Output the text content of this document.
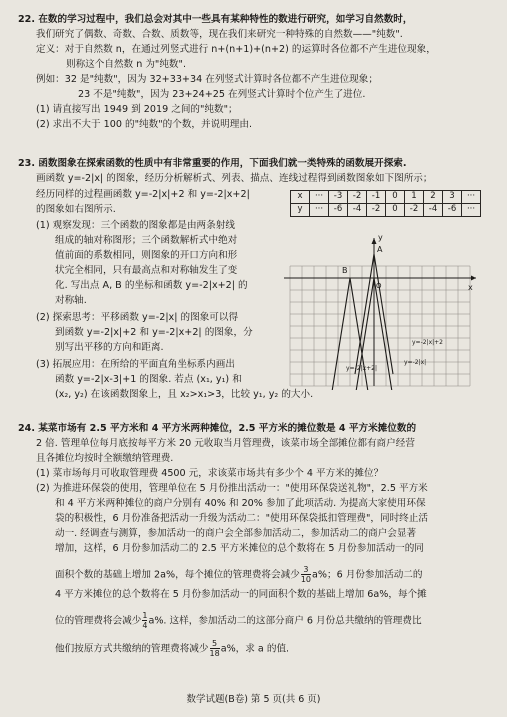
22. 在数的学习过程中，我们总会对其中一些具有某种特性的数进行研究，如学习自然数时，
我们研究了偶数、奇数、合数、质数等，现在我们来研究一种特殊的自然数——"纯数".
定义：对于自然数 n，在通过列竖式进行 n+(n+1)+(n+2) 的运算时各位都不产生进位现象，
则称这个自然数 n 为"纯数".
例如：32 是"纯数"，因为 32+33+34 在列竖式计算时各位都不产生进位现象；
23 不是"纯数"，因为 23+24+25 在列竖式计算时个位产生了进位.
(1) 请直接写出 1949 到 2019 之间的"纯数"；
(2) 求出不大于 100 的"纯数"的个数，并说明理由.
23. 函数图象在探索函数的性质中有非常重要的作用，下面我们就一类特殊的函数展开探索.
画函数 y=-2|x| 的图象，经历分析解析式、列表、描点、连线过程得到函数图象如下图所示；
经历同样的过程画函数 y=-2|x|+2 和 y=-2|x+2|
的图象如右图所示.
x	···	-3	-2	-1	0	1	2	3	···
y	···	-6	-4	-2	0	-2	-4	-6	···
(1) 观察发现：三个函数的图象都是由两条射线
组成的轴对称图形；三个函数解析式中绝对
值前面的系数相同，则图象的开口方向和形
状完全相同，只有最高点和对称轴发生了变
化. 写出点 A, B 的坐标和函数 y=-2|x+2| 的
对称轴.
(2) 探索思考：平移函数 y=-2|x| 的图象可以得
到函数 y=-2|x|+2 和 y=-2|x+2| 的图象，分
别写出平移的方向和距离.
(3) 拓展应用：在所给的平面直角坐标系内画出
函数 y=-2|x-3|+1 的图象. 若点 (x₁, y₁) 和
(x₂, y₂) 在该函数图象上，且 x₂>x₁>3，比较 y₁, y₂ 的大小.
y
x
O
A
B
y=-2|x|+2
y=-2|x|
y=-2|x+2|
24. 某菜市场有 2.5 平方米和 4 平方米两种摊位，2.5 平方米的摊位数是 4 平方米摊位数的
2 倍. 管理单位每月底按每平方米 20 元收取当月管理费，该菜市场全部摊位都有商户经营
且各摊位均按时全额缴纳管理费.
(1) 菜市场每月可收取管理费 4500 元，求该菜市场共有多少个 4 平方米的摊位？
(2) 为推进环保袋的使用，管理单位在 5 月份推出活动一："使用环保袋送礼物"，2.5 平方米
和 4 平方米两种摊位的商户分别有 40% 和 20% 参加了此项活动. 为提高大家使用环保
袋的积极性，6 月份准备把活动一升级为活动二："使用环保袋抵扣管理费"，同时终止活
动一. 经调查与测算，参加活动一的商户会全部参加活动二，参加活动二的商户会显著
增加，这样，6 月份参加活动二的 2.5 平方米摊位的总个数将在 5 月份参加活动一的同
面积个数的基础上增加 2a%，每个摊位的管理费将会减少 $\frac{3}{10} a\%$；6 月份参加活动二的
4 平方米摊位的总个数将在 5 月份参加活动一的同面积个数的基础上增加 6a%，每个摊
位的管理费将会减少 $\frac{1}{4} a\%$. 这样，参加活动二的这部分商户 6 月份总共缴纳的管理费比
他们按原方式共缴纳的管理费将减少 $\frac{5}{18} a\%$，求 a 的值.
数学试题(B卷) 第 5 页(共 6 页)
